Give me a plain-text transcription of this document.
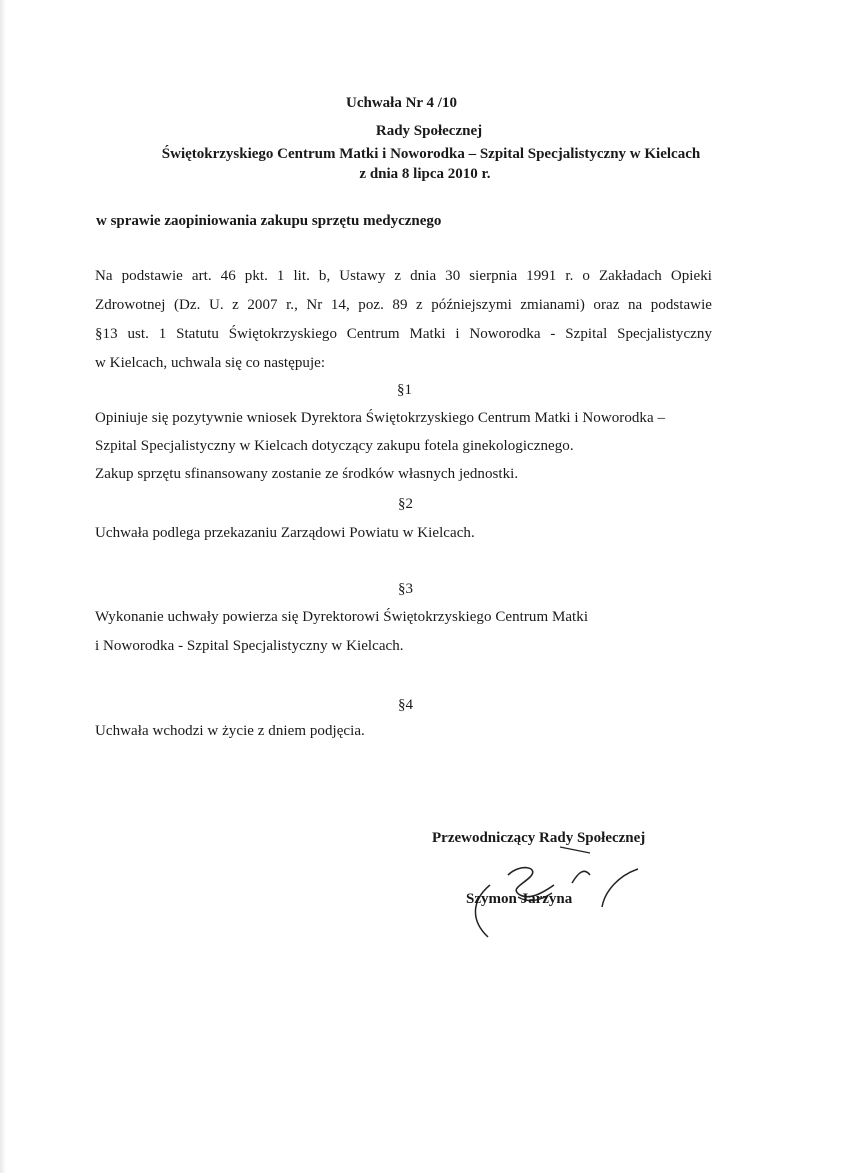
Uchwała Nr 4 /10
Rady Społecznej
Świętokrzyskiego Centrum Matki i Noworodka – Szpital Specjalistyczny w Kielcach
z dnia 8 lipca 2010 r.
w sprawie zaopiniowania zakupu sprzętu medycznego
Na podstawie art. 46 pkt. 1 lit. b, Ustawy z dnia 30 sierpnia 1991 r. o Zakładach Opieki
Zdrowotnej (Dz. U. z 2007 r., Nr 14, poz. 89 z późniejszymi zmianami) oraz na podstawie
§13 ust. 1 Statutu Świętokrzyskiego Centrum Matki i Noworodka - Szpital Specjalistyczny
w Kielcach, uchwala się co następuje:
§1
Opiniuje się pozytywnie wniosek Dyrektora Świętokrzyskiego Centrum Matki i Noworodka –
Szpital Specjalistyczny w Kielcach dotyczący zakupu fotela ginekologicznego.
Zakup sprzętu sfinansowany zostanie ze środków własnych jednostki.
§2
Uchwała podlega przekazaniu Zarządowi Powiatu w Kielcach.
§3
Wykonanie uchwały powierza się Dyrektorowi Świętokrzyskiego Centrum Matki
i Noworodka - Szpital Specjalistyczny w Kielcach.
§4
Uchwała wchodzi w życie z dniem podjęcia.
Przewodniczący Rady Społecznej
Szymon Jarzyna
